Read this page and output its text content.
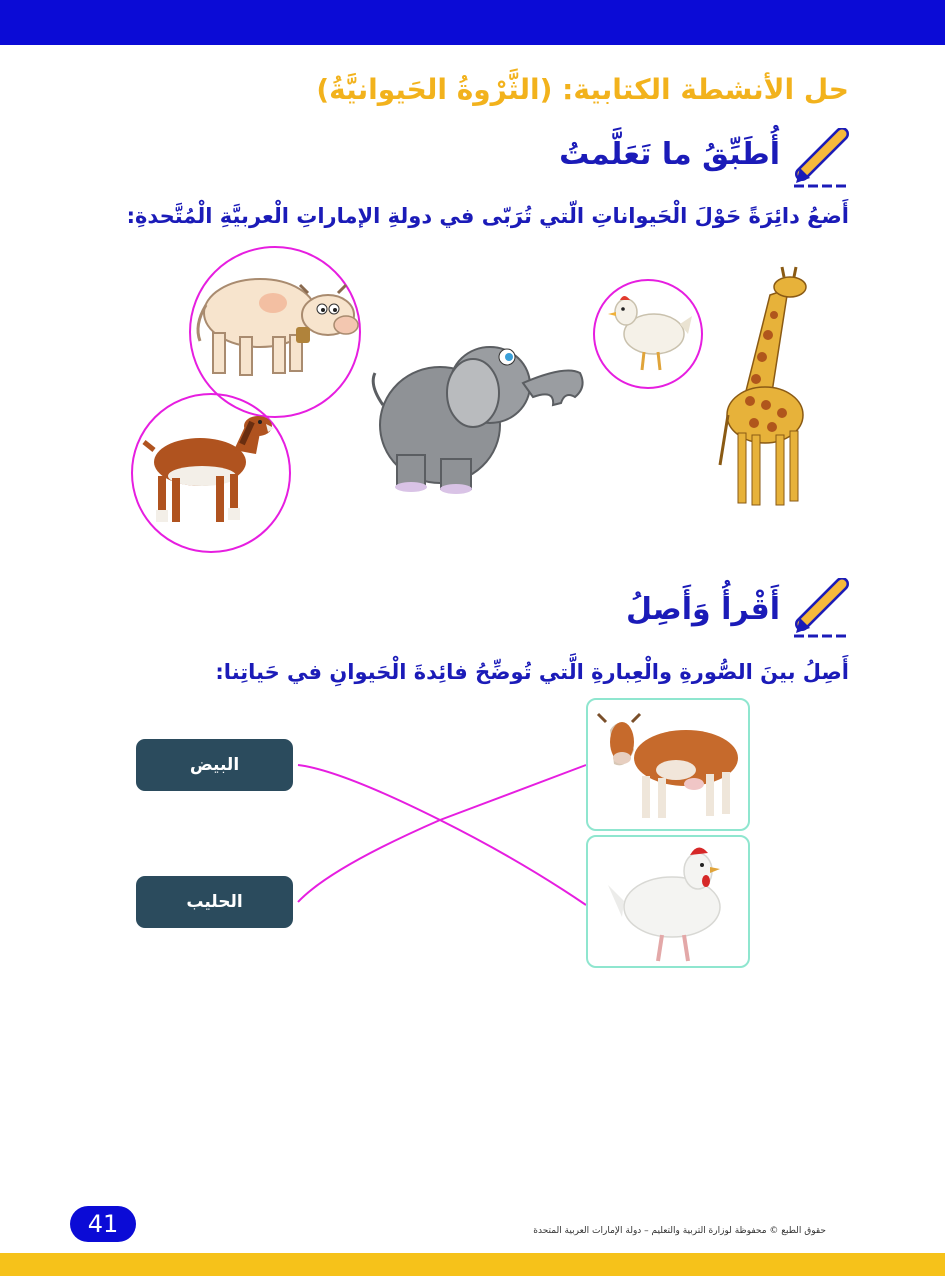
حل الأنشطة الكتابية: (الثَّرْوةُ الحَيوانيَّةُ)
أُطَبِّقُ ما تَعَلَّمتُ
أَضعُ دائِرَةً حَوْلَ الْحَيواناتِ الّتي تُرَبّى في دولةِ الإماراتِ الْعربيَّةِ الْمُتَّحدةِ:
أَقْرأُ وَأَصِلُ
أَصِلُ بينَ الصُّورةِ والْعِبارةِ الَّتي تُوضِّحُ فائِدةَ الْحَيوانِ في حَياتِنا:
البيض
الحليب
41	حقوق الطبع © محفوظة لوزارة التربية والتعليم – دولة الإمارات العربية المتحدة
